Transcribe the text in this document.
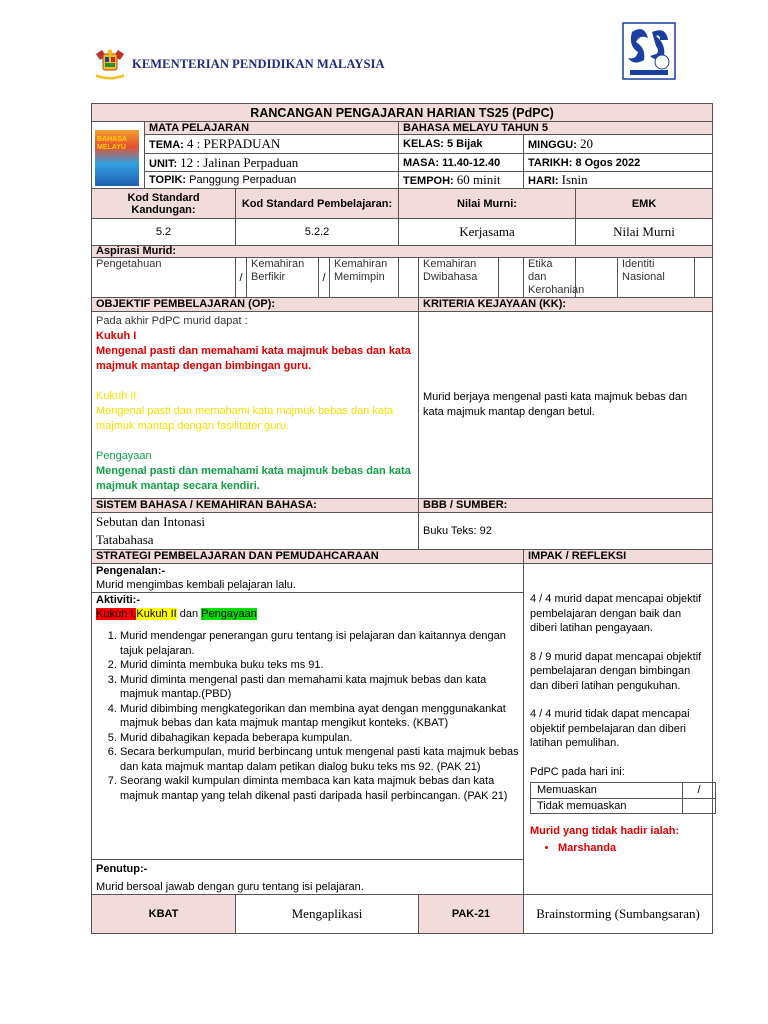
KEMENTERIAN PENDIDIKAN MALAYSIA
RANCANGAN PENGAJARAN HARIAN TS25 (PdPC)

BAHASA MELAYU
	MATA PELAJARAN	BAHASA MELAYU TAHUN 5
TEMA: 4 : PERPADUAN	KELAS: 5 Bijak	MINGGU: 20
UNIT: 12 : Jalinan Perpaduan	MASA: 11.40-12.40	TARIKH: 8 Ogos 2022
TOPIK: Panggung Perpaduan	TEMPOH: 60 minit	HARI: Isnin
Kod Standard Kandungan:	Kod Standard Pembelajaran:	Nilai Murni:	EMK
5.2	5.2.2	Kerjasama	Nilai Murni
Aspirasi Murid:
Pengetahuan	/	Kemahiran Berfikir	/	Kemahiran Memimpin		Kemahiran Dwibahasa		Etika dan Kerohanian		Identiti Nasional	
OBJEKTIF PEMBELAJARAN (OP):	KRITERIA KEJAYAAN (KK):

Pada akhir PdPC murid dapat :
Kukuh I
Mengenal pasti dan memahami kata majmuk bebas dan kata majmuk mantap dengan bimbingan guru.
Kukuh II
Mengenal pasti dan memahami kata majmuk bebas dan kata majmuk mantap dengan fasilitater guru.
Pengayaan
Mengenal pasti dan memahami kata majmuk bebas dan kata majmuk mantap secara kendiri.
	Murid berjaya mengenal pasti kata majmuk bebas dan kata majmuk mantap dengan betul.
SISTEM BAHASA / KEMAHIRAN BAHASA:	BBB / SUMBER:

Sebutan dan Intonasi
Tatabahasa
	Buku Teks: 92
STRATEGI PEMBELAJARAN DAN PEMUDAHCARAAN	IMPAK / REFLEKSI

Pengenalan:-
Murid mengimbas kembali pelajaran lalu.
Aktiviti:-
Kukuh I,Kukuh II dan Pengayaan
1. Murid mendengar penerangan guru tentang isi pelajaran dan kaitannya dengan tajuk pelajaran.
2. Murid diminta membuka buku teks ms 91.
3. Murid diminta mengenal pasti dan memahami kata majmuk bebas dan kata majmuk mantap.(PBD)
4. Murid dibimbing mengkategorikan dan membina ayat dengan menggunakankat majmuk bebas dan kata majmuk mantap mengikut konteks. (KBAT)
5. Murid dibahagikan kepada beberapa kumpulan.
6. Secara berkumpulan, murid berbincang untuk mengenal pasti kata majmuk bebas dan kata majmuk mantap dalam petikan dialog buku teks ms 92. (PAK 21)
7. Seorang wakil kumpulan diminta membaca kan kata majmuk bebas dan kata majmuk mantap yang telah dikenal pasti daripada hasil perbincangan. (PAK 21)
Penutup:-
Murid bersoal jawab dengan guru tentang isi pelajaran.

4 / 4 murid dapat mencapai objektif pembelajaran dengan baik dan diberi latihan pengayaan.
8 / 9 murid dapat mencapai objektif pembelajaran dengan bimbingan dan diberi latihan pengukuhan.
4 / 4 murid tidak dapat mencapai objektif pembelajaran dan diberi latihan pemulihan.
PdPC pada hari ini:
Memuaskan	/
Tidak memuaskan	
Murid yang tidak hadir ialah:
• Marshanda

KBAT	Mengaplikasi	PAK-21	Brainstorming (Sumbangsaran)
